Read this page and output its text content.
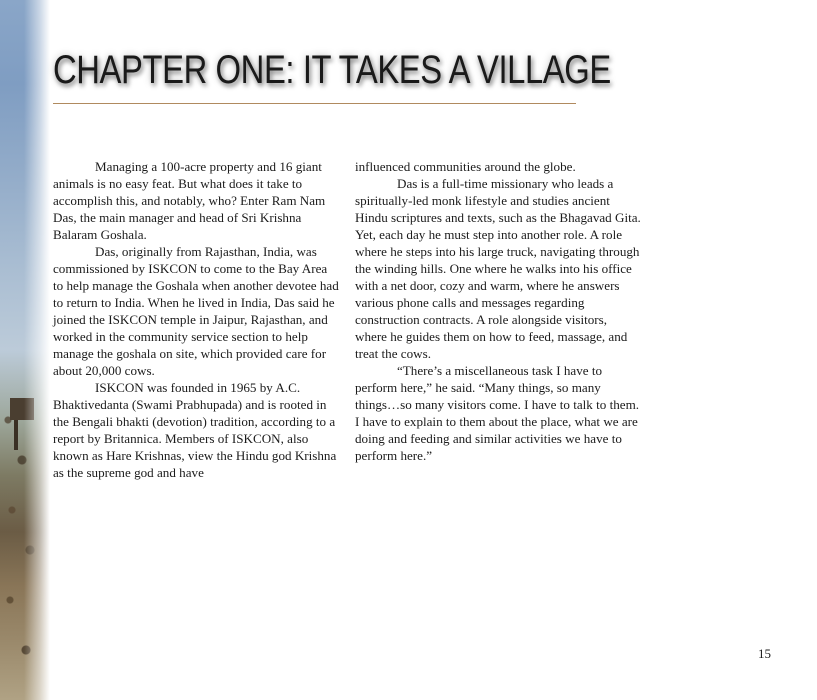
CHAPTER ONE: IT TAKES A VILLAGE

Managing a 100-acre property and 16 giant animals is no easy feat. But what does it take to accomplish this, and notably, who? Enter Ram Nam Das, the main manager and head of Sri Krishna Balaram Goshala.

Das, originally from Rajasthan, India, was commissioned by ISKCON to come to the Bay Area to help manage the Goshala when another devotee had to return to India. When he lived in India, Das said he joined the ISKCON temple in Jaipur, Rajasthan, and worked in the community service section to help manage the goshala on site, which provided care for about 20,000 cows.

ISKCON was founded in 1965 by A.C. Bhaktivedanta (Swami Prabhupada) and is rooted in the Bengali bhakti (devotion) tradition, according to a report by Britannica. Members of ISKCON, also known as Hare Krishnas, view the Hindu god Krishna as the supreme god and have

influenced communities around the globe.

Das is a full-time missionary who leads a spiritually-led monk lifestyle and studies ancient Hindu scriptures and texts, such as the Bhagavad Gita. Yet, each day he must step into another role. A role where he steps into his large truck, navigating through the winding hills. One where he walks into his office with a net door, cozy and warm, where he answers various phone calls and messages regarding construction contracts. A role alongside visitors, where he guides them on how to feed, massage, and treat the cows.

“There’s a miscellaneous task I have to perform here,” he said. “Many things, so many things…so many visitors come. I have to talk to them. I have to explain to them about the place, what we are doing and feeding and similar activities we have to perform here.”

15
